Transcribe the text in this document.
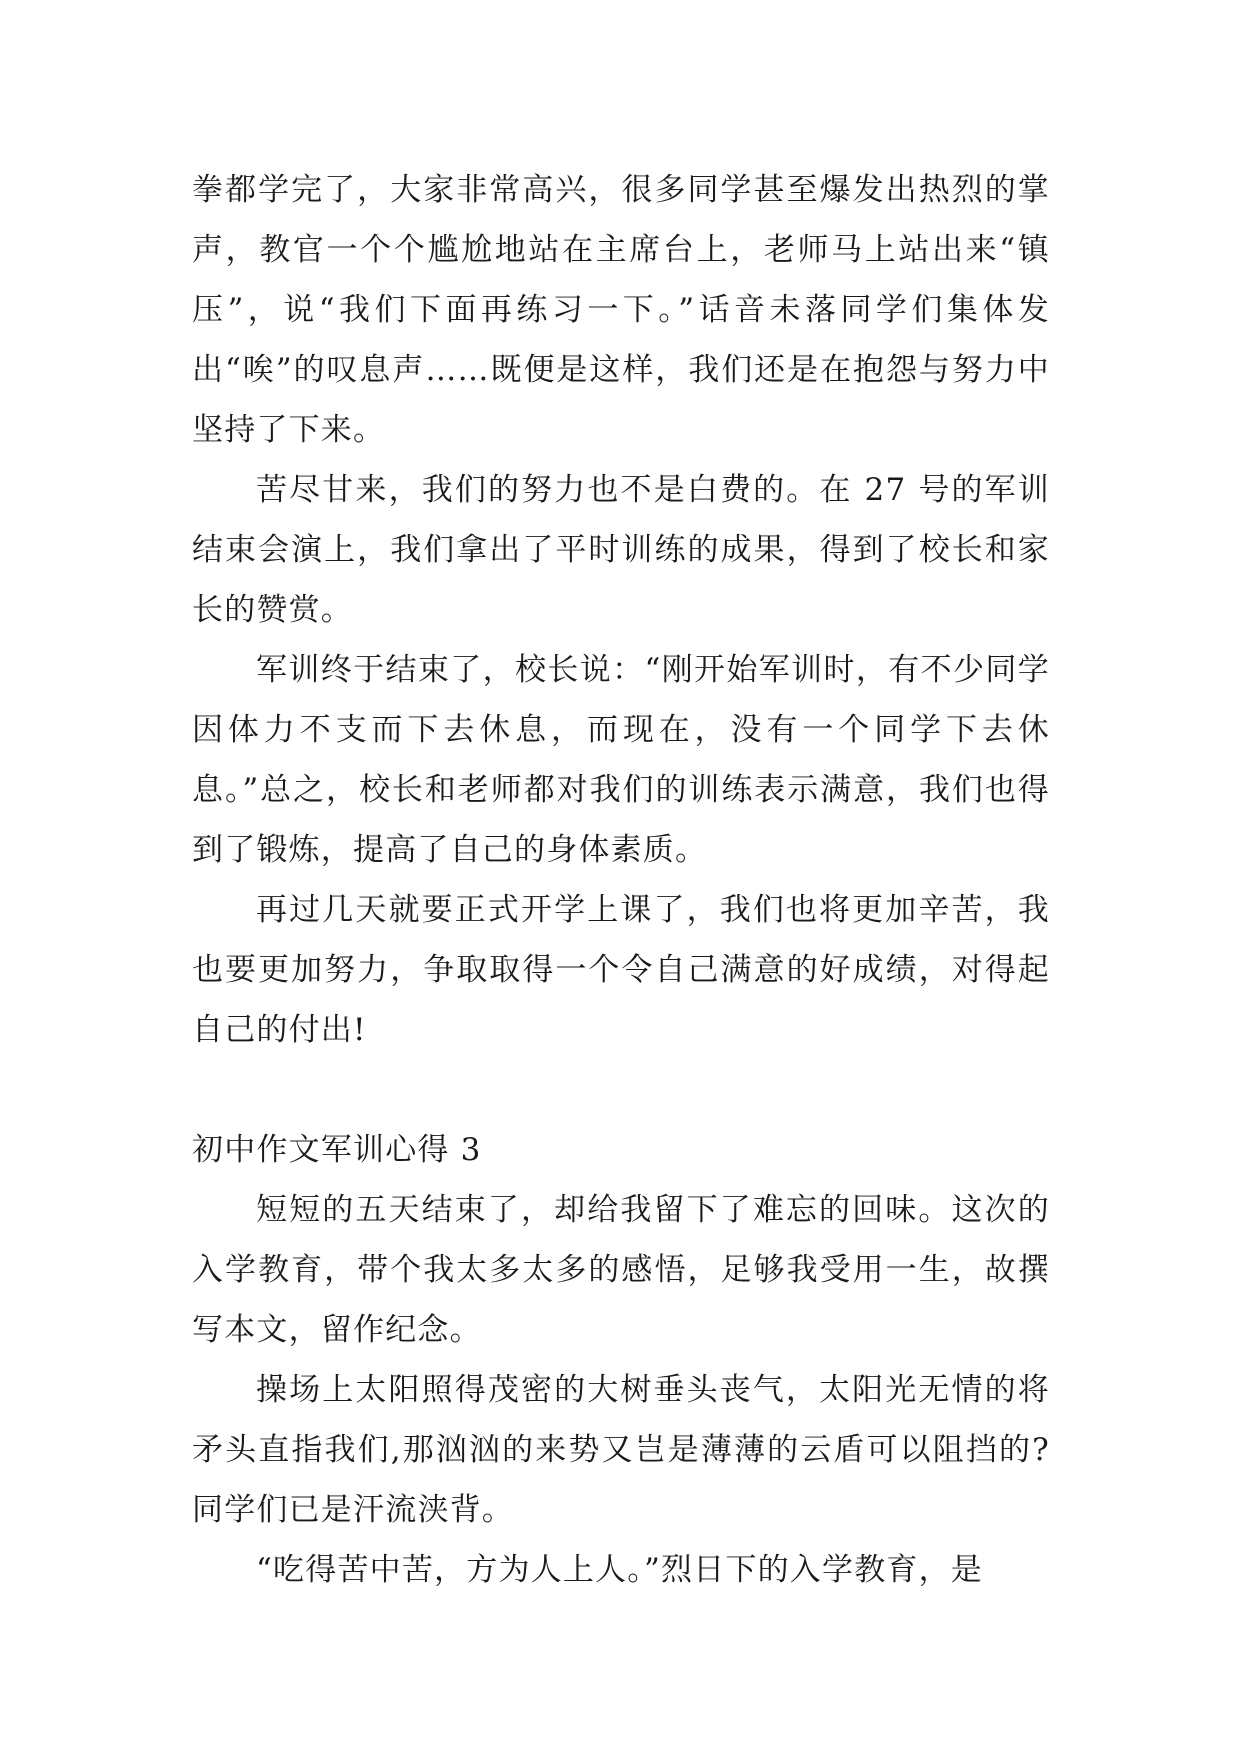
拳都学完了，大家非常高兴，很多同学甚至爆发出热烈的掌声，教官一个个尴尬地站在主席台上，老师马上站出来“镇压”，说“我们下面再练习一下。”话音未落同学们集体发出“唉”的叹息声……既便是这样，我们还是在抱怨与努力中坚持了下来。

苦尽甘来，我们的努力也不是白费的。在 27 号的军训结束会演上，我们拿出了平时训练的成果，得到了校长和家长的赞赏。

军训终于结束了，校长说：“刚开始军训时，有不少同学因体力不支而下去休息，而现在，没有一个同学下去休息。”总之，校长和老师都对我们的训练表示满意，我们也得到了锻炼，提高了自己的身体素质。

再过几天就要正式开学上课了，我们也将更加辛苦，我也要更加努力，争取取得一个令自己满意的好成绩，对得起自己的付出!

初中作文军训心得 3

短短的五天结束了，却给我留下了难忘的回味。这次的入学教育，带个我太多太多的感悟，足够我受用一生，故撰写本文，留作纪念。

操场上太阳照得茂密的大树垂头丧气，太阳光无情的将矛头直指我们,那汹汹的来势又岂是薄薄的云盾可以阻挡的?同学们已是汗流浃背。

“吃得苦中苦，方为人上人。”烈日下的入学教育，是
